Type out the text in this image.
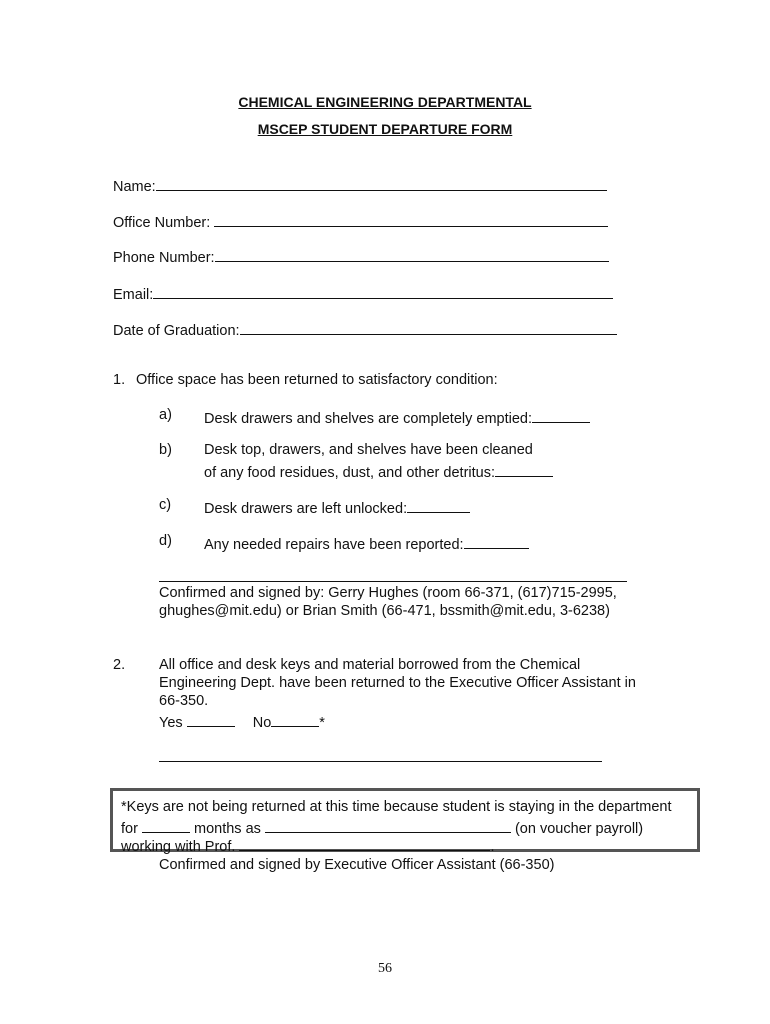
CHEMICAL ENGINEERING DEPARTMENTAL
MSCEP STUDENT DEPARTURE FORM
Name:
Office Number:
Phone Number:
Email:
Date of Graduation:
1. Office space has been returned to satisfactory condition:
a) Desk drawers and shelves are completely emptied:
b) Desk top, drawers, and shelves have been cleaned
of any food residues, dust, and other detritus:
c) Desk drawers are left unlocked:
d) Any needed repairs have been reported:
Confirmed and signed by: Gerry Hughes (room 66-371, (617)715-2995,
ghughes@mit.edu) or Brian Smith (66-471, bssmith@mit.edu, 3-6238)
2. All office and desk keys and material borrowed from the Chemical
Engineering Dept. have been returned to the Executive Officer Assistant in
66-350.
Yes	No	*
*Keys are not being returned at this time because student is staying in the department
for	months as	(on voucher payroll)
working with Prof.	.
Confirmed and signed by Executive Officer Assistant (66-350)
56
